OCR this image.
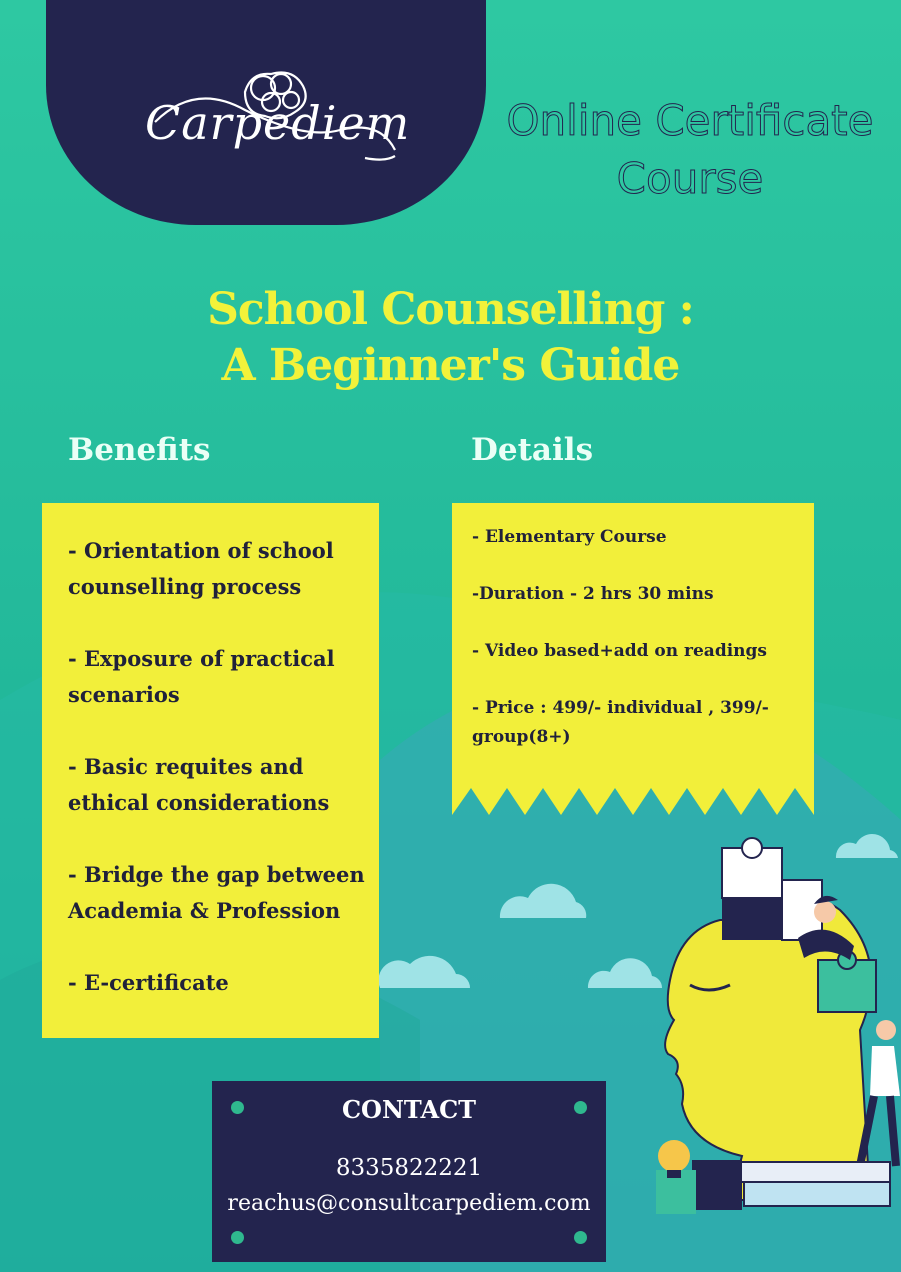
Carpediem Online Certificate
Course
School Counselling :
A Beginner's Guide
Benefits	Details
- Orientation of school counselling process
- Exposure of practical scenarios
- Basic requites and ethical considerations
- Bridge the gap between Academia & Profession
- E-certificate
- Elementary Course
-Duration - 2 hrs 30 mins
- Video based+add on readings
- Price : 499/- individual , 399/- group(8+)
CONTACT
8335822221
reachus@consultcarpediem.com
